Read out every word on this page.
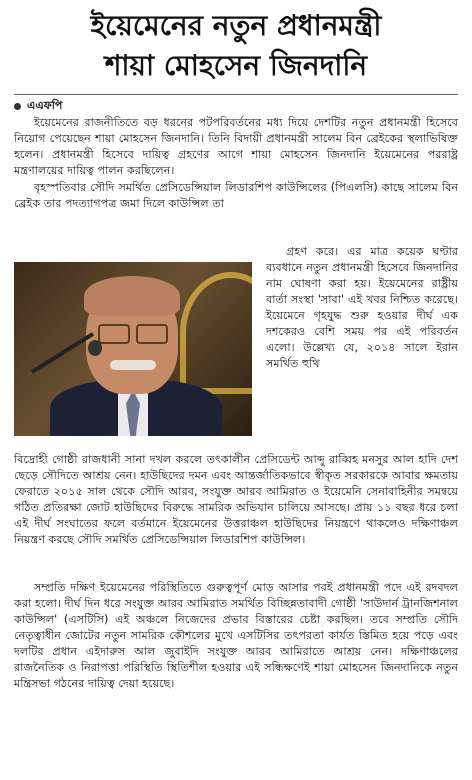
ইয়েমেনের নতুন প্রধানমন্ত্রী
শায়া মোহসেন জিনদানি
এএফপি
ইয়েমেনের রাজনীতিতে বড় ধরনের পটপরিবর্তনের মধ্য দিয়ে দেশটির নতুন প্রধানমন্ত্রী হিসেবে নিয়োগ পেয়েছেন শায়া মোহসেন জিনদানি। তিনি বিদায়ী প্রধানমন্ত্রী সালেম বিন ব্রেইকের স্থলাভিষিক্ত হলেন। প্রধানমন্ত্রী হিসেবে দায়িত্ব গ্রহণের আগে শায়া মোহসেন জিনদানি ইয়েমেনের পররাষ্ট্র মন্ত্রণালয়ের দায়িত্ব পালন করছিলেন।
বৃহস্পতিবার সৌদি সমর্থিত প্রেসিডেন্সিয়াল লিডারশিপ কাউন্সিলের (পিএলসি) কাছে সালেম বিন ব্রেইক তার পদত্যাগপত্র জমা দিলে কাউন্সিল তা
গ্রহণ করে। এর মাত্র কয়েক ঘণ্টার ব্যবধানে নতুন প্রধানমন্ত্রী হিসেবে জিনদানির নাম ঘোষণা করা হয়। ইয়েমেনের রাষ্ট্রীয় বার্তা সংস্থা 'সাবা' এই খবর নিশ্চিত করেছে। ইয়েমেনে গৃহযুদ্ধ শুরু হওয়ার দীর্ঘ এক দশকেরও বেশি সময় পর এই পরিবর্তন এলো। উল্লেখ্য যে, ২০১৪ সালে ইরান সমর্থিত হুথি
বিদ্রোহী গোষ্ঠী রাজধানী সানা দখল করলে তৎকালীন প্রেসিডেন্ট আব্দু রাব্বিহ মনসুর আল হাদি দেশ ছেড়ে সৌদিতে আশ্রয় নেন। হাউছিদের দমন এবং আন্তর্জাতিকভাবে স্বীকৃত সরকারকে আবার ক্ষমতায় ফেরাতে ২০১৫ সাল থেকে সৌদি আরব, সংযুক্ত আরব আমিরাত ও ইয়েমেনি সেনাবাহিনীর সমন্বয়ে গঠিত প্রতিরক্ষা জোট হাউছিদের বিরুদ্ধে সামরিক অভিযান চালিয়ে আসছে। প্রায় ১১ বছর ধরে চলা এই দীর্ঘ সংঘাতের ফলে বর্তমানে ইয়েমেনের উত্তরাঞ্চল হাউছিদের নিয়ন্ত্রণে থাকলেও দক্ষিণাঞ্চল নিয়ন্ত্রণ করছে সৌদি সমর্থিত প্রেসিডেন্সিয়াল লিডারশিপ কাউন্সিল।
সম্প্রতি দক্ষিণ ইয়েমেনের পরিস্থিতিতে গুরুত্বপূর্ণ মোড় আসার পরই প্রধানমন্ত্রী পদে এই রদবদল করা হলো। দীর্ঘ দিন ধরে সংযুক্ত আরব আমিরাত সমর্থিত বিচ্ছিন্নতাবাদী গোষ্ঠী 'সাউদার্ন ট্রানজিশনাল কাউন্সিল' (এসটিসি) এই অঞ্চলে নিজেদের প্রভাব বিস্তারের চেষ্টা করছিল। তবে সম্প্রতি সৌদি নেতৃত্বাধীন জোটের নতুন সামরিক কৌশলের মুখে এসটিসির তৎপরতা কার্যত স্তিমিত হয়ে পড়ে এবং দলটির প্রধান এইদারুস আল জুবাইদি সংযুক্ত আরব আমিরাতে আশ্রয় নেন। দক্ষিণাঞ্চলের রাজনৈতিক ও নিরাপত্তা পরিস্থিতি স্থিতিশীল হওয়ার এই সন্ধিক্ষণেই শায়া মোহসেন জিনদানিকে নতুন মন্ত্রিসভা গঠনের দায়িত্ব দেয়া হয়েছে।
